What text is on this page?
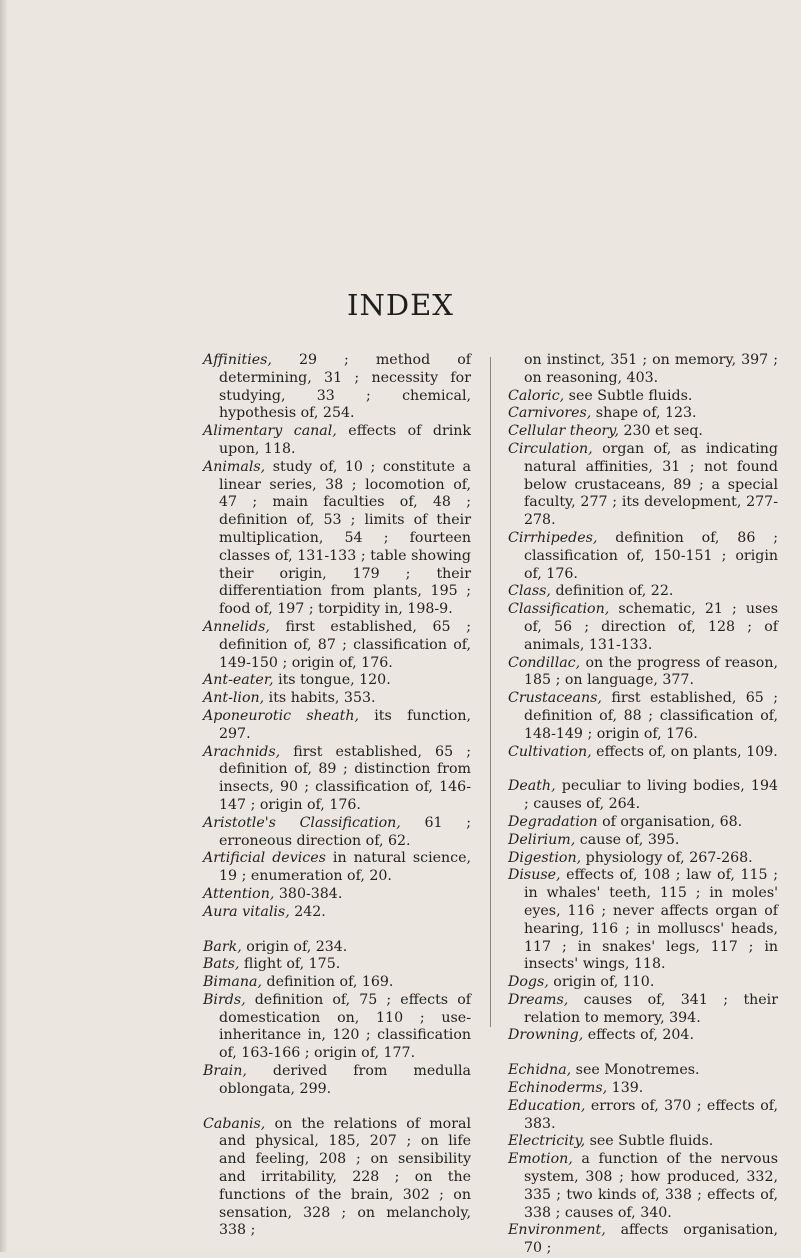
INDEX

Affinities, 29 ; method of determining, 31 ; necessity for studying, 33 ; chemical, hypothesis of, 254.

Alimentary canal, effects of drink upon, 118.

Animals, study of, 10 ; constitute a linear series, 38 ; locomotion of, 47 ; main faculties of, 48 ; definition of, 53 ; limits of their multiplication, 54 ; fourteen classes of, 131-133 ; table showing their origin, 179 ; their differentiation from plants, 195 ; food of, 197 ; torpidity in, 198-9.

Annelids, first established, 65 ; definition of, 87 ; classification of, 149-150 ; origin of, 176.

Ant-eater, its tongue, 120.

Ant-lion, its habits, 353.

Aponeurotic sheath, its function, 297.

Arachnids, first established, 65 ; definition of, 89 ; distinction from insects, 90 ; classification of, 146-147 ; origin of, 176.

Aristotle's Classification, 61 ; erroneous direction of, 62.

Artificial devices in natural science, 19 ; enumeration of, 20.

Attention, 380-384.

Aura vitalis, 242.

Bark, origin of, 234.

Bats, flight of, 175.

Bimana, definition of, 169.

Birds, definition of, 75 ; effects of domestication on, 110 ; use-inheritance in, 120 ; classification of, 163-166 ; origin of, 177.

Brain, derived from medulla oblongata, 299.

Cabanis, on the relations of moral and physical, 185, 207 ; on life and feeling, 208 ; on sensibility and irritability, 228 ; on the functions of the brain, 302 ; on sensation, 328 ; on melancholy, 338 ;

on instinct, 351 ; on memory, 397 ; on reasoning, 403.

Caloric, see Subtle fluids.

Carnivores, shape of, 123.

Cellular theory, 230 et seq.

Circulation, organ of, as indicating natural affinities, 31 ; not found below crustaceans, 89 ; a special faculty, 277 ; its development, 277-278.

Cirrhipedes, definition of, 86 ; classification of, 150-151 ; origin of, 176.

Class, definition of, 22.

Classification, schematic, 21 ; uses of, 56 ; direction of, 128 ; of animals, 131-133.

Condillac, on the progress of reason, 185 ; on language, 377.

Crustaceans, first established, 65 ; definition of, 88 ; classification of, 148-149 ; origin of, 176.

Cultivation, effects of, on plants, 109.

Death, peculiar to living bodies, 194 ; causes of, 264.

Degradation of organisation, 68.

Delirium, cause of, 395.

Digestion, physiology of, 267-268.

Disuse, effects of, 108 ; law of, 115 ; in whales' teeth, 115 ; in moles' eyes, 116 ; never affects organ of hearing, 116 ; in molluscs' heads, 117 ; in snakes' legs, 117 ; in insects' wings, 118.

Dogs, origin of, 110.

Dreams, causes of, 341 ; their relation to memory, 394.

Drowning, effects of, 204.

Echidna, see Monotremes.

Echinoderms, 139.

Education, errors of, 370 ; effects of, 383.

Electricity, see Subtle fluids.

Emotion, a function of the nervous system, 308 ; how produced, 332, 335 ; two kinds of, 338 ; effects of, 338 ; causes of, 340.

Environment, affects organisation, 70 ;
